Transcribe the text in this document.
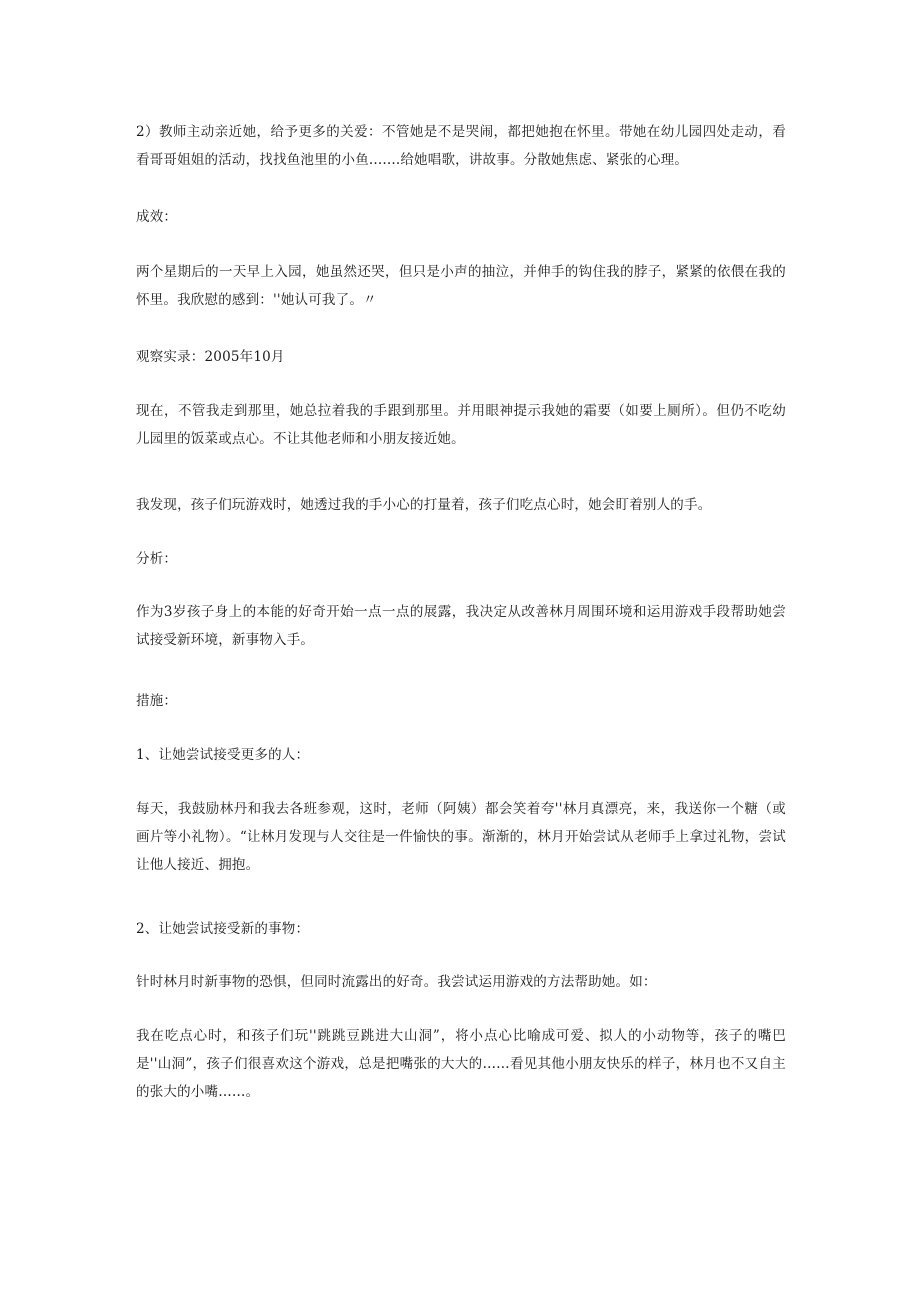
2）教师主动亲近她，给予更多的关爱：不管她是不是哭闹，都把她抱在怀里。带她在幼儿园四处走动，看看哥哥姐姐的活动，找找鱼池里的小鱼.......给她唱歌，讲故事。分散她焦虑、紧张的心理。

成效：

两个星期后的一天早上入园，她虽然还哭，但只是小声的抽泣，并伸手的钩住我的脖子，紧紧的依偎在我的怀里。我欣慰的感到：''她认可我了。〃

观察实录：2005年10月

现在，不管我走到那里，她总拉着我的手跟到那里。并用眼神提示我她的霜要（如要上厕所）。但仍不吃幼儿园里的饭菜或点心。不让其他老师和小朋友接近她。

我发现，孩子们玩游戏时，她透过我的手小心的打量着，孩子们吃点心时，她会盯着别人的手。

分析：

作为3岁孩子身上的本能的好奇开始一点一点的展露，我决定从改善林月周围环境和运用游戏手段帮助她尝试接受新环境，新事物入手。

措施：

1、让她尝试接受更多的人：

每天，我鼓励林丹和我去各班参观，这时，老师（阿姨）都会笑着夸''林月真漂亮，来，我送你一个糖（或画片等小礼物）。“让林月发现与人交往是一件愉快的事。渐渐的，林月开始尝试从老师手上拿过礼物，尝试让他人接近、拥抱。

2、让她尝试接受新的事物：

针时林月时新事物的恐惧，但同时流露出的好奇。我尝试运用游戏的方法帮助她。如：

我在吃点心时，和孩子们玩''跳跳豆跳进大山洞”，将小点心比喻成可爱、拟人的小动物等，孩子的嘴巴是''山洞”，孩子们很喜欢这个游戏，总是把嘴张的大大的……看见其他小朋友快乐的样子，林月也不又自主的张大的小嘴……。
